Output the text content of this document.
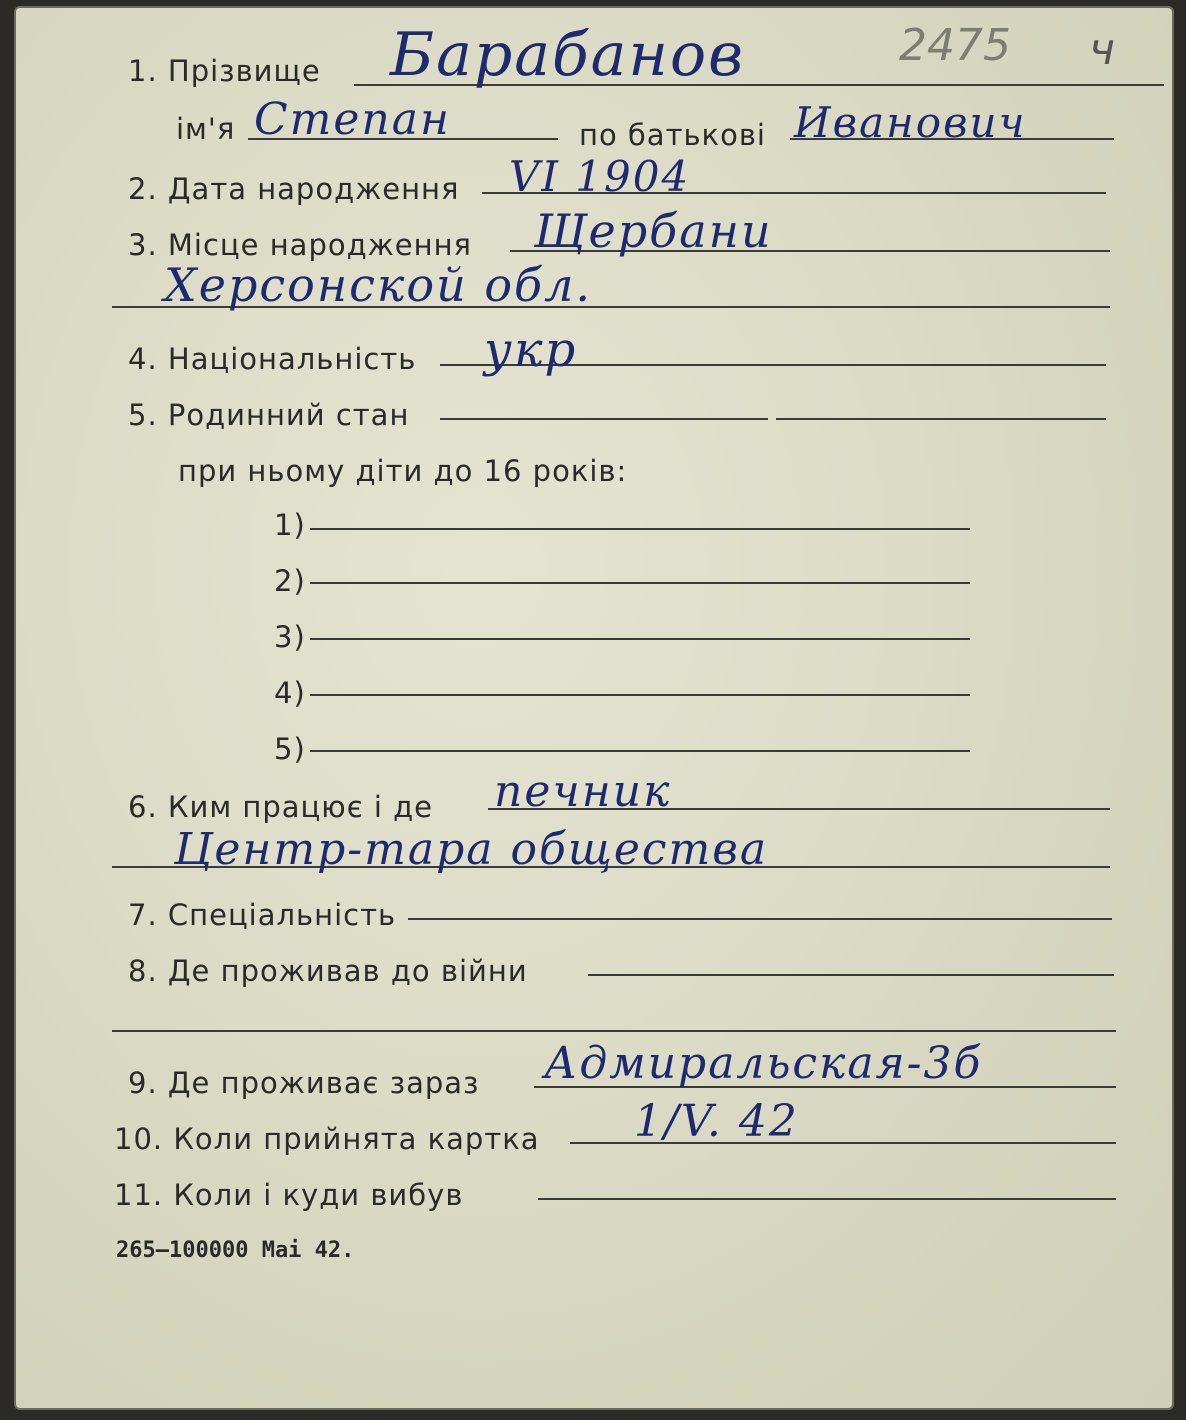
2475 ч
1. Прізвище Барабанов
ім'я Степан	по батькові Иванович
2. Дата народження VI 1904
3. Місце народження Щербани
Херсонской обл.
4. Національність укр
5. Родинний стан
при ньому діти до 16 років:
1)
2)
3)
4)
5)
6. Ким працює і де печник
Центр-тара общества
7. Спеціальність
8. Де проживав до війни
9. Де проживає зараз Адмиральская-3б
10. Коли прийнята картка 1/V. 42
11. Коли і куди вибув
265—100000 Mai 42.
